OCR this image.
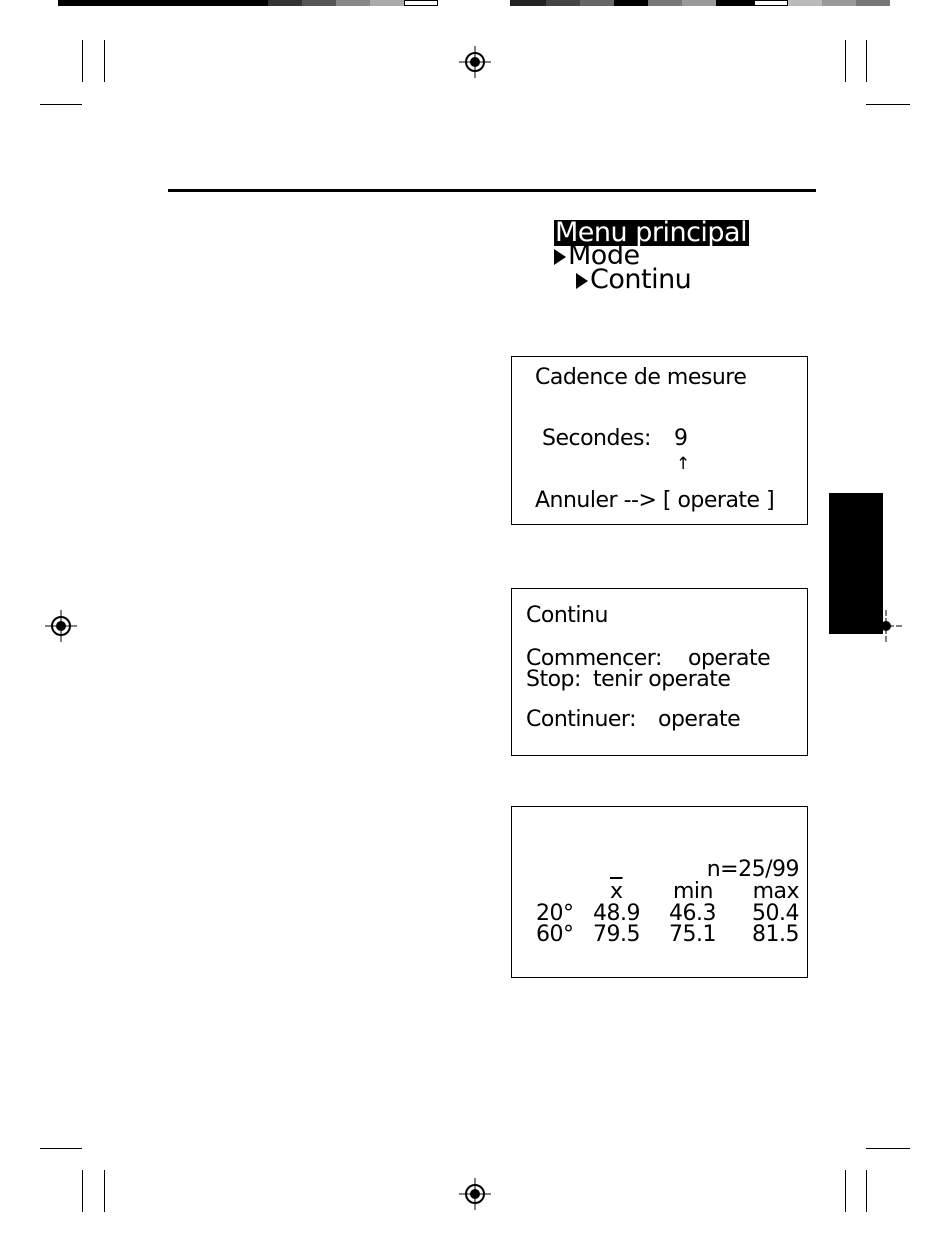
Menu principal
Mode
Continu
Cadence de mesure
Secondes: 9
↑
Annuler --> [ operate ]
Continu
Commencer: operate
Stop: tenir operate
Continuer: operate
n=25/99
$\overline{x}$ min max
20° 48.9 46.3 50.4
60° 79.5 75.1 81.5
